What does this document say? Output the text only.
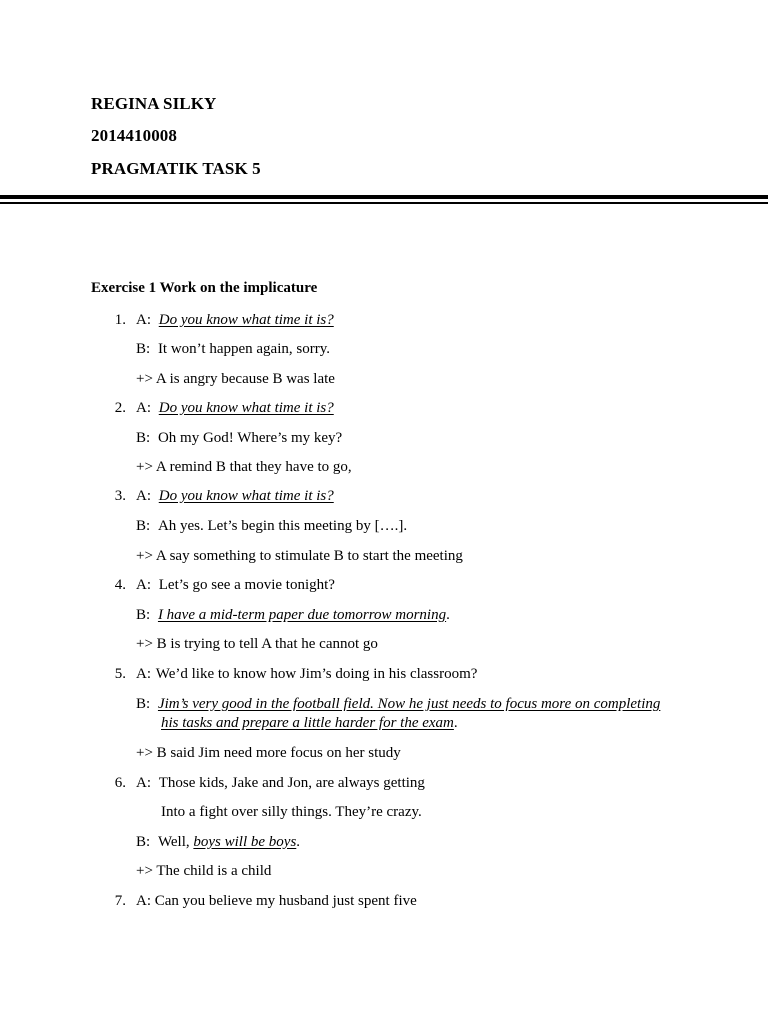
REGINA SILKY
2014410008
PRAGMATIK TASK 5
Exercise 1 Work on the implicature
1. A: Do you know what time it is?
B: It won’t happen again, sorry.
+> A is angry because B was late
2. A: Do you know what time it is?
B: Oh my God! Where’s my key?
+> A remind B that they have to go,
3. A: Do you know what time it is?
B: Ah yes. Let’s begin this meeting by [….].
+> A say something to stimulate B to start the meeting
4. A: Let’s go see a movie tonight?
B: I have a mid-term paper due tomorrow morning.
+> B is trying to tell A that he cannot go
5. A: We’d like to know how Jim’s doing in his classroom?
B: Jim’s very good in the football field. Now he just needs to focus more on completing
his tasks and prepare a little harder for the exam.
+> B said Jim need more focus on her study
6. A: Those kids, Jake and Jon, are always getting
Into a fight over silly things. They’re crazy.
B: Well, boys will be boys.
+> The child is a child
7. A: Can you believe my husband just spent five
